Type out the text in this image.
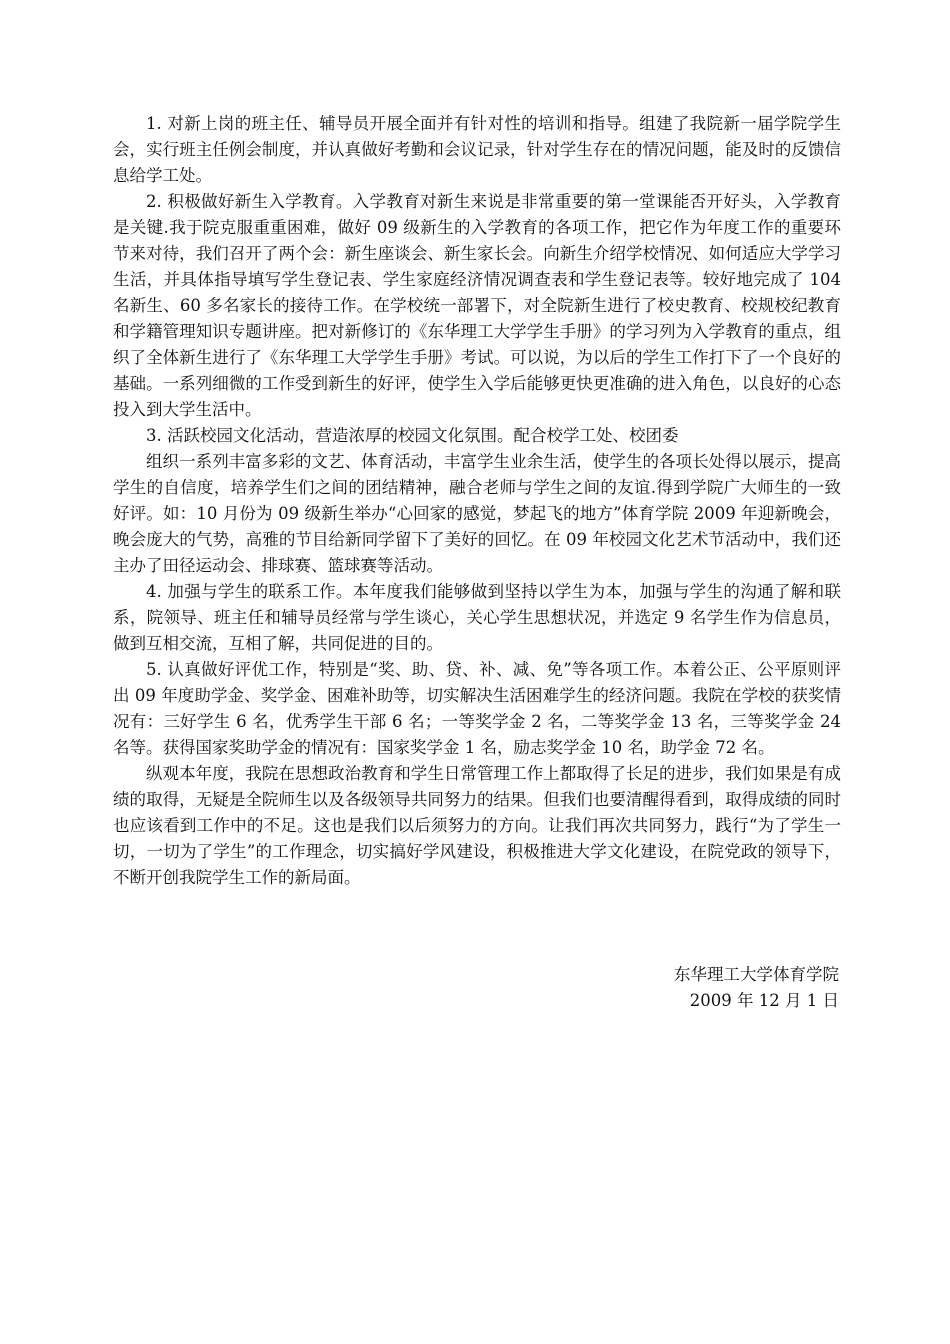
1. 对新上岗的班主任、辅导员开展全面并有针对性的培训和指导。组建了我院新一届学院学生会，实行班主任例会制度，并认真做好考勤和会议记录，针对学生存在的情况问题，能及时的反馈信息给学工处。

2. 积极做好新生入学教育。入学教育对新生来说是非常重要的第一堂课能否开好头，入学教育是关键.我于院克服重重困难，做好 09 级新生的入学教育的各项工作，把它作为年度工作的重要环节来对待，我们召开了两个会：新生座谈会、新生家长会。向新生介绍学校情况、如何适应大学学习生活，并具体指导填写学生登记表、学生家庭经济情况调查表和学生登记表等。较好地完成了 104 名新生、60 多名家长的接待工作。在学校统一部署下，对全院新生进行了校史教育、校规校纪教育和学籍管理知识专题讲座。把对新修订的《东华理工大学学生手册》的学习列为入学教育的重点，组织了全体新生进行了《东华理工大学学生手册》考试。可以说，为以后的学生工作打下了一个良好的基础。一系列细微的工作受到新生的好评，使学生入学后能够更快更准确的进入角色，以良好的心态投入到大学生活中。

3. 活跃校园文化活动，营造浓厚的校园文化氛围。配合校学工处、校团委

组织一系列丰富多彩的文艺、体育活动，丰富学生业余生活，使学生的各项长处得以展示，提高学生的自信度，培养学生们之间的团结精神，融合老师与学生之间的友谊.得到学院广大师生的一致好评。如：10 月份为 09 级新生举办“心回家的感觉，梦起飞的地方”体育学院 2009 年迎新晚会，晚会庞大的气势，高雅的节目给新同学留下了美好的回忆。在 09 年校园文化艺术节活动中，我们还主办了田径运动会、排球赛、篮球赛等活动。

4. 加强与学生的联系工作。本年度我们能够做到坚持以学生为本，加强与学生的沟通了解和联系，院领导、班主任和辅导员经常与学生谈心，关心学生思想状况，并选定 9 名学生作为信息员，做到互相交流，互相了解，共同促进的目的。

5. 认真做好评优工作，特别是“奖、助、贷、补、减、免”等各项工作。本着公正、公平原则评出 09 年度助学金、奖学金、困难补助等，切实解决生活困难学生的经济问题。我院在学校的获奖情况有：三好学生 6 名，优秀学生干部 6 名；一等奖学金 2 名，二等奖学金 13 名，三等奖学金 24 名等。获得国家奖助学金的情况有：国家奖学金 1 名，励志奖学金 10 名，助学金 72 名。

纵观本年度，我院在思想政治教育和学生日常管理工作上都取得了长足的进步，我们如果是有成绩的取得，无疑是全院师生以及各级领导共同努力的结果。但我们也要清醒得看到，取得成绩的同时也应该看到工作中的不足。这也是我们以后须努力的方向。让我们再次共同努力，践行“为了学生一切，一切为了学生”的工作理念，切实搞好学风建设，积极推进大学文化建设，在院党政的领导下，不断开创我院学生工作的新局面。

东华理工大学体育学院
2009 年 12 月 1 日
